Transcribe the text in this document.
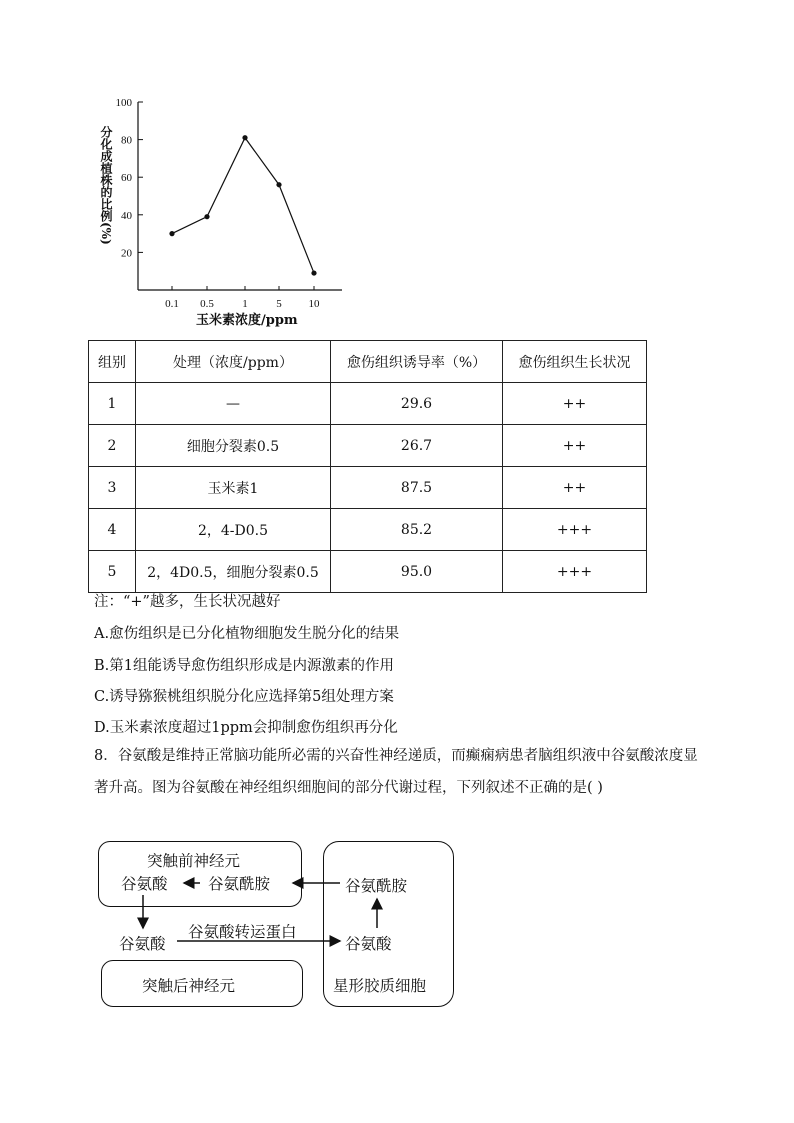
100
80
60
40
20
0.1 0.5	1	5 10
分化成植株的比例(%)
玉米素浓度/ppm
组别	处理（浓度/ppm）	愈伤组织诱导率（%）	愈伤组织生长状况
1	—	29.6	++
2	细胞分裂素0.5	26.7	++
3	玉米素1	87.5	++
4	2，4-D0.5	85.2	+++
5	2，4D0.5，细胞分裂素0.5	95.0	+++
注：“+”越多，生长状况越好
A.愈伤组织是已分化植物细胞发生脱分化的结果
B.第1组能诱导愈伤组织形成是内源激素的作用
C.诱导猕猴桃组织脱分化应选择第5组处理方案
D.玉米素浓度超过1ppm会抑制愈伤组织再分化
8．谷氨酸是维持正常脑功能所必需的兴奋性神经递质，而癫痫病患者脑组织液中谷氨酸浓度显著升高。图为谷氨酸在神经组织细胞间的部分代谢过程，下列叙述不正确的是( )
突触前神经元
谷氨酸	谷氨酰胺	谷氨酰胺
谷氨酸
谷氨酸转运蛋白
谷氨酸
突触后神经元	星形胶质细胞
